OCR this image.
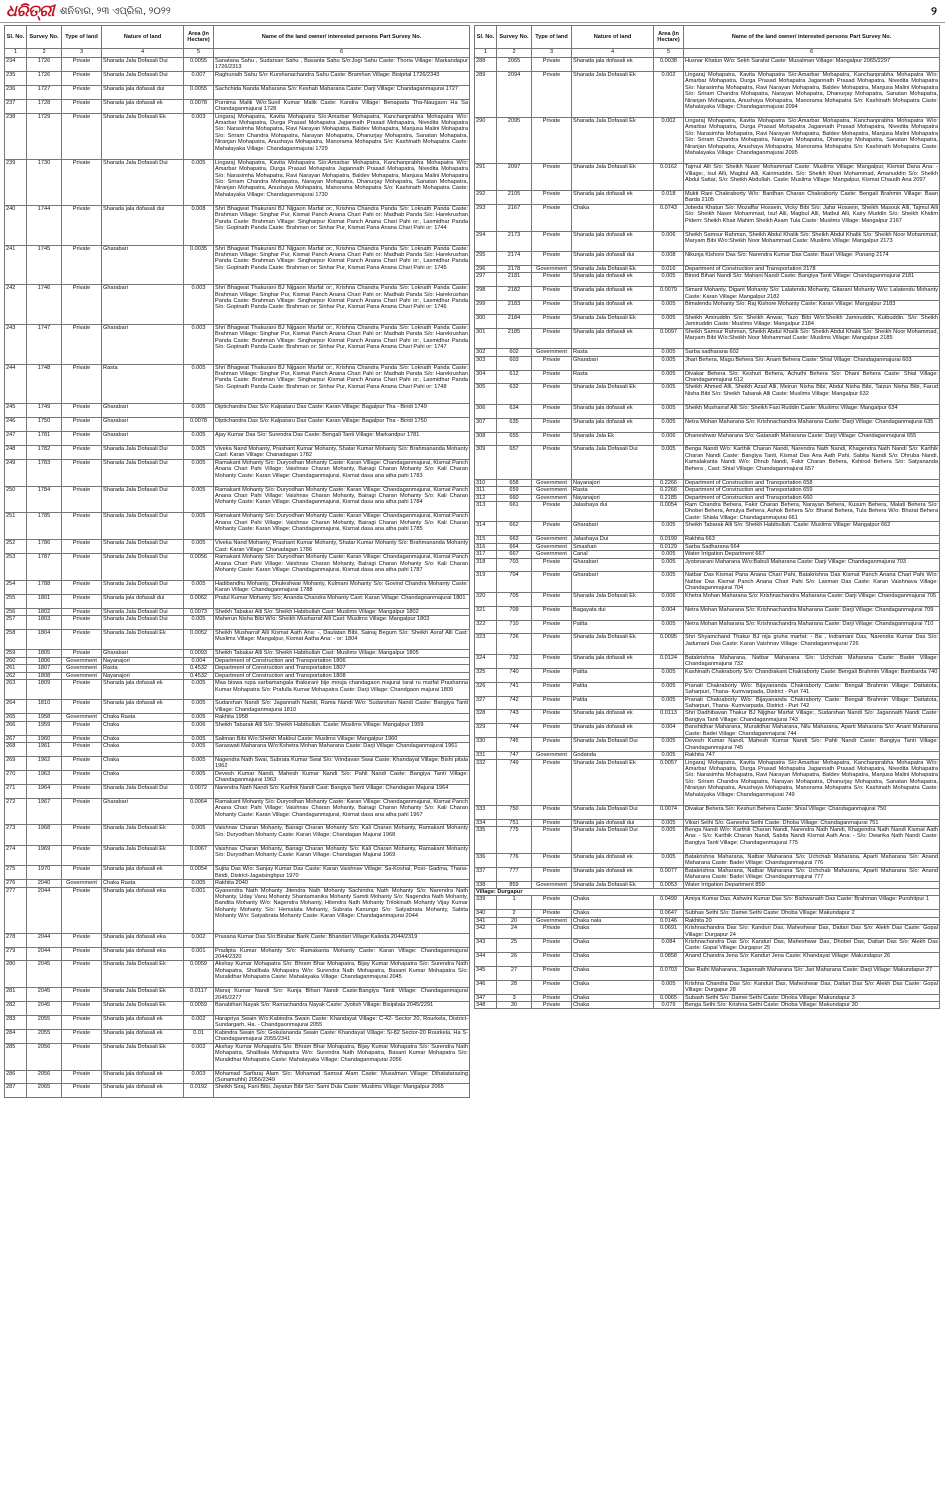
ଧରିତ୍ରୀ ଶନିବାର, ୨୩ ଏପ୍ରିଲ, ୨୦୨୨	୨
Sl. No.	Survey No.	Type of land	Nature of land	Area (in Hectare)	Name of the land owner/ interested persons Part Survey No.
1	2	3	4	5	6
234	1726	Private	Sharada Jala Dofasali Dui	0.0055	Sanatana Sahu , Sudarsan Sahu , Basanta Sahu S/o:Jogi Sahu Caste: Thoria Village: Markandapur 1726/2313
235	1726	Private	Sharada Jala Dofasali Dui	0.007	Raghunath Sahu S/o: Kurshanachandra Sahu Caste: Bramhan Village: Bisipital 1726/2343
236	1727	Private	Sharada jala dofasali dui	0.0055	Sachchida Nanda Maharana S/o: Keshab Maharana Caste: Darji Village: Chandaganmajurai 1727
237	1728	Private	Sharada jala dofasali ek	0.0078	Purnima Malik W/o:Sunil Kumar Malik Caste: Kandra Village: Benapada Tha-Naugaon Ha Sa Chandaganmajurai 1728
238	1729	Private	Sharada Jala Dofasali Ek	0.003	Lingaraj Mohapatra, Kavita Mohapatra S/o:Amarbar Mohapatra, Kanchanprabha Mohapatra W/o: Amarbar Mohapatra, Durga Prasad Mohapatra Jagannath Prasad Mohapatra, Nivedita Mohapatra S/o: Narasimha Mohapatra, Ravi Narayan Mohapatra, Baldev Mohapatra, Manjusa Malini Mohapatra S/o: Sriram Chandra Mohapatra, Narayan Mohapatra, Dhanurjay Mohapatra, Sanatan Mohapatra, Niranjan Mohapatra, Anushaya Mohapatra, Manorama Mohapatra S/o: Kashinath Mohapatra Caste: Mahalayaka Village: Chandaganmajurai 1729
239	1730	Private	Sharada Jala Dofasali Dui	0.005	Lingaraj Mohapatra, Kavita Mohapatra S/o:Amarbar Mohapatra, Kanchanprabha Mohapatra W/o: Amarbar Mohapatra, Durga Prasad Mohapatra Jagannath Prasad Mohapatra, Nivedita Mohapatra S/o: Narasimha Mohapatra, Ravi Narayan Mohapatra, Baldev Mohapatra, Manjusa Malini Mohapatra S/o: Sriram Chandra Mohapatra, Narayan Mohapatra, Dhanurjay Mohapatra, Sanatan Mohapatra, Niranjan Mohapatra, Anushaya Mohapatra, Manorama Mohapatra S/o: Kashinath Mohapatra Caste: Mahalayaka Village: Chandaganmajurai 1730
240	1744	Private	Sharada jala dofasali dui	0.008	Shri Bhagwat Thakurani BJ Nijgaon Marfat or:, Krishna Chandra Panda S/o: Loknath Panda Caste: Brahman Village: Singhar Pur, Kismat Panch Anana Chari Pahi or: Madhab Panda S/o: Harekrushan Panda Caste: Brahman Village: Singharpur Kismat Panch Anana Chari Pahi or:, Laxmidhar Panda S/o: Gopinath Panda Caste: Brahman or: Sinhar Pur, Kismat Pana Anana Chari Pahi or: 1744
241	1745	Private	Gharabari	0.0035	Shri Bhagwat Thakurani BJ Nijgaon Marfat or:, Krishna Chandra Panda S/o: Loknath Panda Caste: Brahman Village: Singhar Pur, Kismat Panch Anana Chari Pahi or: Madhab Panda S/o: Harekrushan Panda Caste: Brahman Village: Singharpur Kismat Panch Anana Chari Pahi or:, Laxmidhar Panda S/o: Gopinath Panda Caste: Brahman or: Sinhar Pur, Kismat Pana Anana Chari Pahi or: 1745
242	1746	Private	Gharabari	0.003	Shri Bhagwat Thakurani BJ Nijgaon Marfat or:, Krishna Chandra Panda S/o: Loknath Panda Caste: Brahman Village: Singhar Pur, Kismat Panch Anana Chari Pahi or: Madhab Panda S/o: Harekrushan Panda Caste: Brahman Village: Singharpur Kismat Panch Anana Chari Pahi or:, Laxmidhar Panda S/o: Gopinath Panda Caste: Brahman or: Sinhar Pur, Kismat Pana Anana Chari Pahi or: 1746
243	1747	Private	Gharabari	0.003	Shri Bhagwat Thakurani BJ Nijgaon Marfat or:, Krishna Chandra Panda S/o: Loknath Panda Caste: Brahman Village: Singhar Pur, Kismat Panch Anana Chari Pahi or: Madhab Panda S/o: Harekrushan Panda Caste: Brahman Village: Singharpur Kismat Panch Anana Chari Pahi or:, Laxmidhar Panda S/o: Gopinath Panda Caste: Brahman or: Sinhar Pur, Kismat Pana Anana Chari Pahi or: 1747
244	1748	Private	Rasta	0.005	Shri Bhagwat Thakurani BJ Nijgaon Marfat or:, Krishna Chandra Panda S/o: Loknath Panda Caste: Brahman Village: Singhar Pur, Kismat Panch Anana Chari Pahi or: Madhab Panda S/o: Harekrushan Panda Caste: Brahman Village: Singharpur Kismat Panch Anana Chari Pahi or:, Laxmidhar Panda S/o: Gopinath Panda Caste: Brahman or: Sinhar Pur, Kismat Pana Anana Chari Pahi or: 1748
245	1749	Private	Gharabari	0.005	Diptichandra Das S/o: Kalpataru Das Caste: Karan Village: Bagalpur Tha - Biridi 1749
246	1750	Private	Gharabari	0.0078	Diptichandra Das S/o: Kalpataru Das Caste: Karan Village: Bagalpur Tha - Biridi 1750
247	1781	Private	Gharabari	0.005	Ajay Kumar Das S/o: Surendra Das Caste: Bengali Tanti Village: Markandpur 1781
248	1782	Private	Sharada Jala Dofasali Dui	0.005	Viveka Nand Mohanty, Prashant Kumar Mohanty, Shatar Kumar Mohanty S/o: Brahmananda Mohanty Cast: Karan Village: Chanadagan 1782
249	1783	Private	Sharada Jala Dofasali Dui	0.005	Ramakant Mohanty S/o: Duryodhan Mohanty Caste: Karan Village: Chandaganmajurai, Kismat Panch Anana Chari Pahi Village: Vaishnav Charan Mohanty, Bairagi Charan Mohanty S/o: Kali Charan Mohanty Caste: Karan Village: Chandaganmajurai, Kismat dasa ana atha pahi 1783
250	1784	Private	Sharada Jala Dofasali Dui	0.005	Ramakant Mohanty S/o: Duryodhan Mohanty Caste: Karan Village: Chandaganmajurai, Kismat Panch Anana Chari Pahi Village: Vaishnav Charan Mohanty, Bairagi Charan Mohanty S/o: Kali Charan Mohanty Caste: Karan Village: Chandaganmajurai, Kismat dasa ana atha pahi 1784
251	1785	Private	Sharada Jala Dofasali Dui	0.005	Ramakant Mohanty S/o: Duryodhan Mohanty Caste: Karan Village: Chandaganmajurai, Kismat Panch Anana Chari Pahi Village: Vaishnav Charan Mohanty, Bairagi Charan Mohanty S/o: Kali Charan Mohanty Caste: Karan Village: Chandaganmajurai, Kismat dasa ana atha pahi 1785
252	1786	Private	Sharada Jala Dofasali Dui	0.005	Viveka Nand Mohanty, Prashant Kumar Mohanty, Shatar Kumar Mohanty S/o: Brahmananda Mohanty Cast: Karan Village: Chanadagan 1786
253	1787	Private	Sharada Jala Dofasali Dui	0.0056	Ramakant Mohanty S/o: Duryodhan Mohanty Caste: Karan Village: Chandaganmajurai, Kismat Panch Anana Chari Pahi Village: Vaishnav Charan Mohanty, Bairagi Charan Mohanty S/o: Kali Charan Mohanty Caste: Karan Village: Chandaganmajurai, Kismat dasa ana atha pahi 1787
254	1788	Private	Sharada Jala Dofasali Dui	0.005	Hadibandhu Mohanty, Dhuleshwar Mohanty, Kulmani Mohanty S/o: Govind Chandra Mohanty Caste: Karan Village: Chandaganmajurai 1788
255	1801	Private	Sharada jala dofasali dui	0.0062	Pratul Kumar Mohanty S/o; Ananda Chandra Mohanty Cast: Karan Village: Chandagoanmajurai 1801
256	1802	Private	Sharada Jala Dofasali Dui	0.0073	Sheikh Tabakar Alli S/o: Sheikh Habibullah Cast: Muslims Village: Mangalpur 1802
257	1803	Private	Sharada Jala Dofasali Dui	0.005	Maherun Nisha Bibi W/o: Sheikh Musharraf Alli Cast: Muslims Village: Mangalpur 1803
258	1804	Private	Sharada Jala Dofasali Ek	0.0052	Sheikh Musharraf Alli Kismat Aath Ana: -, Daulatan Bibi, Sainaj Begum S/o: Sheikh Asraf Alli Cast: Muslims Village: Mangalpur, Kismat Aatha Ana: - or: 1804
259	1805	Private	Gharabari	0.0093	Sheikh Tabakar Alli S/o: Sheikh Habibullah Cast: Muslims Village: Mangalpur 1805
260	1806	Government	Nayanajori	0.004	Department of Construction and Transportation 1806
261	1807	Government	Rasta	0.4532	Department of Construction and Transportation 1807
262	1808	Government	Nayanajori	0.4532	Department of Construction and Transportation 1808
263	1809	Private	Sharada jala dofasali ek	0.005	Maa biswa rupa sarbamangala thakurani bije mouja chandagaon majurai tarat ru marfat Prashanna Kumar Mohapatra S/o: Prafulla Kumar Mohapatra Caste: Darji Village: Chandgaon majurai 1809
264	1810	Private	Sharada jala dofasali ek	0.005	Sudarshan Nandi S/o: Jagannath Nandi, Rama Nandi W/o: Sudarshan Nandi Caste: Bangiya Tanti Village: Chandaganmajurai 1810
265	1958	Government	Chaka Rasta	0.005	Rakhita 1958
266	1959	Private	Chaka	0.006	Sheikh Tabarak Alli S/o: Sheikh Habibullah. Caste: Muslims Village: Mangalpur 1959
267	1960	Private	Chaka	0.005	Saliman Bibi W/o:Sheikh Makbul Caste: Muslims Village: Mangalpur 1960
268	1961	Private	Chaka	0.005	Saraswati Maharana W/o:Kshetra Mohan Maharana Caste: Darji Village: Chandaganmajurai 1961
269	1962	Private	Chaka	0.005	Nagendra Nath Swai, Subrata Kumar Swai S/o: Vrindavan Swai Caste: Khandayat Village: Bishi pitala 1962
270	1963	Private	Chaka	0.005	Devesh Kumar Nandi, Mahesh Kumar Nandi S/o: Pahli Nandi Caste: Bangiya Tanti Village: Chandaganmajurai 1963
271	1964	Private	Sharada Jala Dofasali Dui	0.0072	Narendra Nath Nandi S/o: Karthik Nandi Cast: Bangiya Tanti Village: Chandagan Majurai 1964
272	1967	Private	Gharabari	0.0064	Ramakant Mohanty S/o: Duryodhan Mohanty Caste: Karan Village: Chandaganmajurai, Kismat Panch Anana Chari Pahi Village: Vaishnav Charan Mohanty, Bairagi Charan Mohanty S/o: Kali Charan Mohanty Caste: Karan Village: Chandaganmajurai, Kismat dasa ana atha pahi 1967
273	1968	Private	Sharada Jala Dofasali Ek	0.005	Vaishnav Charan Mohanty, Bairagi Charan Mohanty S/o: Kali Charan Mohanty, Ramakant Mohanty S/o: Duryodhan Mohanty Caste: Karan Village: Chandagan Majurai 1968
274	1969	Private	Sharada Jala Dofasali Ek	0.0067	Vaishnav Charan Mohanty, Bairagi Charan Mohanty S/o: Kali Charan Mohanty, Ramakant Mohanty S/o: Duryodhan Mohanty Caste: Karan Village: Chandagan Majurai 1969
275	1970	Private	Sharada jala dofasali ek	0.0054	Sujita Das W/o: Sanjay Kumar Das Caste: Karan Vaishnav Village: Sa-Koshal, Post- Gadma, Thana-Biridi, District-Jagatsinghpur 1970
276	2040	Government	Chaka Rasta	0.005	Rakhita 2040
277	2044	Private	Sharada jala dofasali eka	0.001	Gyanendra Nath Mohanty Jitendra Nath Mohanty Sachindra Nath Mohanty S/o: Narendra Nath Mohanty, Uday Vanu Mohanty Shantamanika Mohanty Samiti Mohanty S/o: Nagendra Nath Mohanty, Bandita Mohanty W/o: Nagendra Mohanty, Hitendra Nath Mohanty Trilokinath Mohanty Vijay Kumar Mohanty Mohanty S/o: Hemalata Mohanty, Subrata Kanungo S/o: Satyabrata Mohanty, Sabita Mohanty W/o: Satyabrata Mohanty Caste: Karan Village: Chandaganmajurai 2044
278	2044	Private	Sharada jala dofasali eka	0.002	Prasana Kumar Das S/o:Birabar Barik Caste: Bhandari Village:Kalioda 2044/2319
279	2044	Private	Sharada jala dofasali eka	0.001	Pradipta Kumar Mohanty S/o: Ramakanta Mohanty Caste: Karan Village: Chandaganmajurai 2044/2320
280	2045	Private	Sharada Jala Dofasali Ek	0.0059	Akshay Kumar Mohapatra S/o: Bhram Bhar Mohapatra, Bijay Kumar Mohapatra S/o: Surendra Nath Mohapatra, Shailbala Mohapatra W/o: Surendra Nath Mohapatra, Basant Kumar Mohapatra S/o: Muralidhar Mohapatra Caste: Mahalayaka Village: Chandaganmajurai 2045
281	2045	Private	Sharada Jala Dofasali Ek	0.0117	Manoj Kumar Nandi S/o: Kunja Bihari Nandi Caste:Bangiya Tanti Village: Chandaganmajurai 2045/2277
282	2045	Private	Sharada Jala Dofasali Ek	0.0059	Banabihari Nayak S/o: Ramachandra Nayak Caste: Jyotish Village: Bisipitala 2045/2291
283	2055	Private	Sharada jala dofasali ek	0.002	Harapriya Swain W/o:Kabindra Swain Caste: Khandayat Village: C-42- Sector 20, Rourkela, District-Sundargarh, Ha. - Chandgaonmajurai 2055
284	2055	Private	Sharada jala dofasali ek	0.01	Kabindra Swain S/o: Gokulananda Swain Caste: Khandayat Village: Si-82 Sector-20 Rourkela, Ha S- Chandaganmajurai 2055/2341
285	2056	Private	Sharada Jala Dofasali Ek	0.002	Akshay Kumar Mohapatra S/o: Bhram Bhar Mohapatra, Bijay Kumar Mohapatra S/o: Surendra Nath Mohapatra, Shailbala Mohapatra W/o: Surendra Nath Mohapatra, Basant Kumar Mohapatra S/o: Muralidhar Mohapatra Caste: Mahalayaka Village: Chandaganmajurai 2056
286	2056	Private	Sharada jala dofasali ek	0.003	Mohamad Sarfaraj Alam S/o: Mohamad Samsul Alam Caste: Musalman Village: Dihatatarasing (Sunamuhhi) 2056/2349
287	2065	Private	Sharada jala dofasali ek	0.0192	Sheikh Siraj, Fani Bibi, Jayatun Bibi S/o: Sami Dula Caste: Muslims Village: Mangalpur 2065
Sl. No.	Survey No.	Type of land	Nature of land	Area (in Hectare)	Name of the land owner/ interested persons Part Survey No.
1	2	3	4	5	6
288	2065	Private	Sharada jala dofasali ek	0.0038	Husnar Khatun W/o: Sekh Sarafat Caste: Musalman Village: Mangalpur 2065/2297
289	2094	Private	Sharada Jala Dofasali Ek	0.002	Lingaraj Mohapatra, Kavita Mohapatra S/o:Amarbar Mohapatra, Kanchanprabha Mohapatra W/o: Amarbar Mohapatra, Durga Prasad Mohapatra Jagannath Prasad Mohapatra, Nivedita Mohapatra S/o: Narasimha Mohapatra, Ravi Narayan Mohapatra, Baldev Mohapatra, Manjusa Malini Mohapatra S/o: Sriram Chandra Mohapatra, Narayan Mohapatra, Dhanurjay Mohapatra, Sanatan Mohapatra, Niranjan Mohapatra, Anushaya Mohapatra, Manorama Mohapatra S/o: Kashinath Mohapatra Caste: Mahalayaka Village: Chandaganmajurai 2094
290	2095	Private	Sharada Jala Dofasali Ek	0.002	Lingaraj Mohapatra, Kavita Mohapatra S/o:Amarbar Mohapatra, Kanchanprabha Mohapatra W/o: Amarbar Mohapatra, Durga Prasad Mohapatra Jagannath Prasad Mohapatra, Nivedita Mohapatra S/o: Narasimha Mohapatra, Ravi Narayan Mohapatra, Baldev Mohapatra, Manjusa Malini Mohapatra S/o: Sriram Chandra Mohapatra, Narayan Mohapatra, Dhanurjay Mohapatra, Sanatan Mohapatra, Niranjan Mohapatra, Anushaya Mohapatra, Manorama Mohapatra S/o: Kashinath Mohapatra Caste: Mahalayaka Village: Chandaganmajurai 2095
291	2097	Private	Sharada Jala Dofasali Ek	0.0162	Tajmul Alli S/o: Sheikh Naser Mohammad Caste: Muslims Village: Mangalpur, Kismat Dana Ana: - Village:, Isul Alli, Magbul Alli, Kairimuddin. S/o: Sheikh Khari Mohammad, Amanuddin S/o: Sheikh Abdul Sattar, S/o: Sheikh Abdullah. Caste: Muslims Village: Mangalpur, Kismat Chaudh Ana 2097
292	2105	Private	Sharada jala dofasali ek	0.018	Mukti Rani Chakraborty W/o: Bardhan Charan Chakraborty Caste: Bengali Brahmin Village: Baan Barda 2105
293	2167	Private	Chaka	0.0743	Jobeda Khatun S/o: Mozaffar Hossein, Vicky Bibi S/o: Jafar Hossein, Sheikh Masouk Alli, Tajmul Alli S/o: Sheikh Naser Mohammad, Isuf Alli, Magbul Alli, Matbul Alli, Kairy Muddin S/o: Sheikh Khidim Pidem: Sheikh Khair Mahim Sheikh Asam Tula Caste: Muslims Village: Mangalpur 2167
294	2173	Private	Sharada jala dofasali ek	0.006	Sheikh Samsur Rahman, Sheikh Abdul Khalik S/o: Sheikh Abdul Khalik S/o: Sheikh Noor Mohammad, Maryam Bibi W/o:Sheikh Noor Mohammad Caste: Muslims Village: Mangalpur 2173
295	2174	Private	Sharada jala dofasali dui	0.008	Nikunja Kishore Das S/o: Narendra Kumar Das Caste: Bauri Village: Punang 2174
296	2178	Government	Sharada Jala Dofasali Ek	0.016	Department of Construction and Transportation 2178
297	2181	Private	Sharada jala dofasali ek	0.005	Binod Bihari Nandi S/o: Mahani Nandi Caste: Bangiya Tanti Village: Chandaganmajurai 2181
298	2182	Private	Sharada jala dofasali ek	0.0079	Simant Mohanty, Digant Mohanty S/o: Lalatendu Mohanty, Gitarani Mohanty W/o: Lalatendu Mohanty Caste: Karan Village: Mangalpur 2182
299	2183	Private	Sharada jala dofasali ek	0.005	Bimalendu Mohanty S/o: Raj Kishore Mohanty Caste: Karan Village: Mangalpur 2183
300	2184	Private	Sharada Jala Dofasali Ek	0.005	Sheikh Amiruddin S/o: Sheikh Anwar, Tazo Bibi W/o:Sheikh Jamiruddin, Kutbuddin. S/o: Sheikh Jamiruddin Caste: Muslims Village: Mangalpur 2184
301	2185	Private	Sharada jala dofasali ek	0.0097	Sheikh Samsur Rahman, Sheikh Abdul Khalik S/o: Sheikh Abdul Khalik S/o: Sheikh Noor Mohammad, Maryam Bibi W/o:Sheikh Noor Mohammad Caste: Muslims Village: Mangalpur 2185
302	602	Government	Rasta	0.005	Sarba sadharana 602
303	603	Private	Gharabari	0.005	Jhari Behera, Magu Behera S/o: Anant Behera Caste: Shial Village: Chandaganmajurai 603
304	612	Private	Rasta	0.005	Divakar Behera S/o: Keshuri Behera, Achuthi Behera S/o: Dhani Behera Caste: Shial Village: Chandaganmajurai 612
305	632	Private	Sharada Jala Dofasali Ek	0.005	Sheikh Ahmed Alli, Sheikh Azad Alli, Meirun Nisha Bibi, Abdul Nisha Bibi, Taizun Nisha Bibi, Farud Nisha Bibi S/o: Sheikh Tabarak Alli Caste: Muslims Village: Mangalpur 632
306	634	Private	Sharada jala dofasali ek	0.005	Sheikh Musharraf Alli S/o: Sheikh Fasi Ruddin Caste: Muslims Village: Mangalpur 634
307	635	Private	Sharada jala dofasali ek	0.005	Netra Mohan Maharana S/o: Krishnachandra Maharana Caste: Darji Village: Chandaganmajurai 635
308	655	Private	Sharada Jala Ek	0.006	Dhaneshwar Maharana S/o: Gatanath Maharana Caste: Darji Village: Chandaganmajurai 655
309	657	Private	Sharada Jala Dofasali Dui	0.005	Benga Nandi W/o: Karthik Charan Nandi, Narendra Nath Nandi, Khagendra Nath Nandi S/o: Karthik Charan Nandi Caste: Bangiya Tanti, Kismat Das Ana Aath Pahi, Sabita Nandi S/o: Dhruba Nandi, Kamalakanta Nandi W/o: Dhrub Nandi, Fakir Charan Behera, Kshirod Behera S/o: Satyananda Behera , Cast: Shial Village: Chandaganmajurai 657
310	658	Government	Nayanajori	0.2266	Department of Construction and Transportation 658
311	659	Government	Rasta	0.2266	Department of Construction and Transportation 659
312	660	Government	Nayanajori	0.2185	Department of Construction and Transportation 660
313	661	Private	Jalashaya dui	0.0054	Ram Chandra Behera, Fakir Charan Behera, Narayan Behera, Kusum Behera, Malati Behera S/o: Dhobei Behera, Amulya Behera, Ashok Behera S/o: Bharat Behera, Tula Behera W/o: Bharat Behera Caste: Shiala Village: Chandaganmajurai 661
314	662	Private	Gharabari	0.005	Sheikh Tabarak Alli S/o: Sheikh Habibullah. Caste: Muslims Village: Mangalpur 662
315	663	Government	Jalashaya Dui	0.0199	Rakhita 663
316	664	Government	Smashan	0.0129	Sarba Sadharana 664
317	667	Government	Canal	0.005	Water Irrigation Department 667
318	703	Private	Gharabari	0.005	Jyotsnarani Maharana W/o:Babuli Maharana Caste: Darji Village: Chandaganmajurai 703
319	704	Private	Gharabari	0.005	Natbar Das Kismat Pana Anana Chari Pahi, Batakrishna Das Kismat Panch Anana Chari Pahi W/o: Natbar Das Kismat Panch Anana Chari Pahi S/o: Laxman Das Caste: Karan Vaishnava Village: Chandaganmajurai 704
320	705	Private	Sharada Jala Dofasali Ek	0.006	Khetra Mohan Maharana S/o: Krishnachandra Maharana Caste: Darji Village: Chandaganmajurai 705
321	709	Private	Bagayata dui	0.004	Netra Mohan Maharana S/o: Krishnachandra Maharana Caste: Darji Village: Chandaganmajurai 709
322	710	Private	Patita	0.005	Netra Mohan Maharana S/o: Krishnachandra Maharana Caste: Darji Village: Chandaganmajurai 710
323	726	Private	Sharada Jala Dofasali Ek	0.0095	Shri Shyamchand Thakur BJ nija gruha marfat: - Ba , Indramani Das, Narendra Kumar Das S/o: Jadumani Das Caste: Karan Vaishnav Village: Chandaganmajurai 726
324	732	Private	Sharada jala dofasali ek	0.0124	Batakrishna Maharana, Natbar Maharana S/o: Uchchab Maharana Caste: Badei Village: Chandaganmajurai 732
325	740	Private	Patita	0.005	Kashinath Chakraborty S/o: Chandrakant Chakraborty Caste: Bengali Brahmin Village: Bambarda 740
326	741	Private	Patita	0.005	Pranati Chakraborty W/o: Bijayananda Chakraborty Caste: Bengali Brahmin Village: Dattatota, Saharpuri, Thana- Kumvarpada, District - Puri 741
327	742	Private	Patita	0.005	Pranati Chakraborty W/o: Bijayananda Chakraborty Caste: Bengali Brahmin Village: Dattatota, Saharpuri, Thana- Kumvarpada, District - Puri 742
328	743	Private	Sharada jala dofasali ek	0.0113	Shri Dadhibavan Thakur BJ Nijghar Marfat Village:, Sudarshan Nandi S/o: Jagannath Nandi Caste: Bangiya Tanti Village: Chandaganmajurai 743
329	744	Private	Sharada jala dofasali ek	0.004	Banshidhar Maharana, Muralidhar Maharana, Nilu Maharana, Aparti Maharana S/o: Anant Maharana Caste: Badei Village: Chandaganmajurai 744
330	745	Private	Sharada Jala Dofasali Dui	0.005	Devesh Kumar Nandi, Mahesh Kumar Nandi S/o: Pahli Nandi Caste: Bangiya Tanti Village: Chandaganmajurai 745
331	747	Government	Godanda	0.005	Rakhita 747
332	749	Private	Sharada Jala Dofasali Ek	0.0057	Lingaraj Mohapatra, Kavita Mohapatra S/o:Amarbar Mohapatra, Kanchanprabha Mohapatra W/o: Amarbar Mohapatra, Durga Prasad Mohapatra Jagannath Prasad Mohapatra, Nivedita Mohapatra S/o: Narasimha Mohapatra, Ravi Narayan Mohapatra, Baldev Mohapatra, Manjusa Malini Mohapatra S/o: Sriram Chandra Mohapatra, Narayan Mohapatra, Dhanurjay Mohapatra, Sanatan Mohapatra, Niranjan Mohapatra, Anushaya Mohapatra, Manorama Mohapatra S/o: Kashinath Mohapatra Caste: Mahalayaka Village: Chandaganmajurai 749
333	750	Private	Sharada Jala Dofasali Dui	0.0074	Divakar Behera S/o: Keshuri Behera Caste: Shial Village: Chandaganmajurai 750
334	751	Private	Sharada jala dofasali dui	0.005	Vikari Sethi S/o: Ganesha Sethi Caste: Dhoba Village: Chandaganmajurai 751
335	775	Private	Sharada Jala Dofasali Dui	0.005	Benga Nandi W/o: Karthik Charan Nandi, Narendra Nath Nandi, Khagendra Nath Nandi Kismat Aath Ana: - S/o: Karthik Charan Nandi, Sabita Nandi Kismat Aath Ana: - S/o: Dwarika Nath Nandi Caste: Bangiya Tanti Village: Chandaganmajurai 775
336	776	Private	Sharada jala dofasali ek	0.005	Batakrishna Maharana, Natbar Maharana S/o: Uchchab Maharana, Aparti Maharana S/o: Anand Maharana Caste: Badei Village: Chandaganmajurai 776
337	777	Private	Sharada jala dofasali ek	0.0077	Batakrishna Maharana, Natbar Maharana S/o: Uchchab Maharana, Aparti Maharana S/o: Anand Maharana Caste: Badei Village: Chandaganmajurai 777
338	859	Government	Sharada Jala Dofasali Ek	0.0053	Water Irrigation Department 859
Village: Durgapur					
339	1	Private	Chaka	0.0499	Amiya Kumar Das, Ashwini Kumar Das S/o: Bishwanath Das Caste: Brahman Village: Purohitpur 1
340	2	Private	Chaka	0.0647	Subhas Sethi S/o: Damei Sethi Caste: Dhoba Village: Makundapur 2
341	20	Government	Chaka nala	0.0146	Rakhita 20
342	24	Private	Chaka	0.0691	Krishnachandra Das S/o: Kanduri Das, Maheshwar Das, Daitari Das S/o: Alekh Das Caste: Gopal Village: Durgapur 24
343	25	Private	Chaka	0.084	Krishnachandra Das S/o: Kanduri Das, Maheshwar Das, Dhobei Das, Daitari Das S/o: Alekh Das Caste: Gopal Village: Durgapur 25
344	26	Private	Chaka	0.0858	Anand Chandra Jena S/o: Kanduri Jena Caste: Khandayat Village: Makundapur 26
345	27	Private	Chaka	0.0703	Das Rathi Maharana, Jagannath Maharana S/o: Jari Maharana Caste: Darji Village: Makundapur 27
346	28	Private	Chaka	0.005	Krishna Chandra Das S/o: Kanduri Das, Maheshwar Das, Daitari Das S/o: Alekh Das Caste: Gopal Village: Durgapur 28
347	3	Private	Chaka	0.0065	Subash Sethi S/o: Damei Sethi Caste: Dhoba Village: Makundapur 3
348	30	Private	Chaka	0.079	Benga Sethi S/o: Krishna Sethi Caste: Dhoba Village: Makundapur 30
